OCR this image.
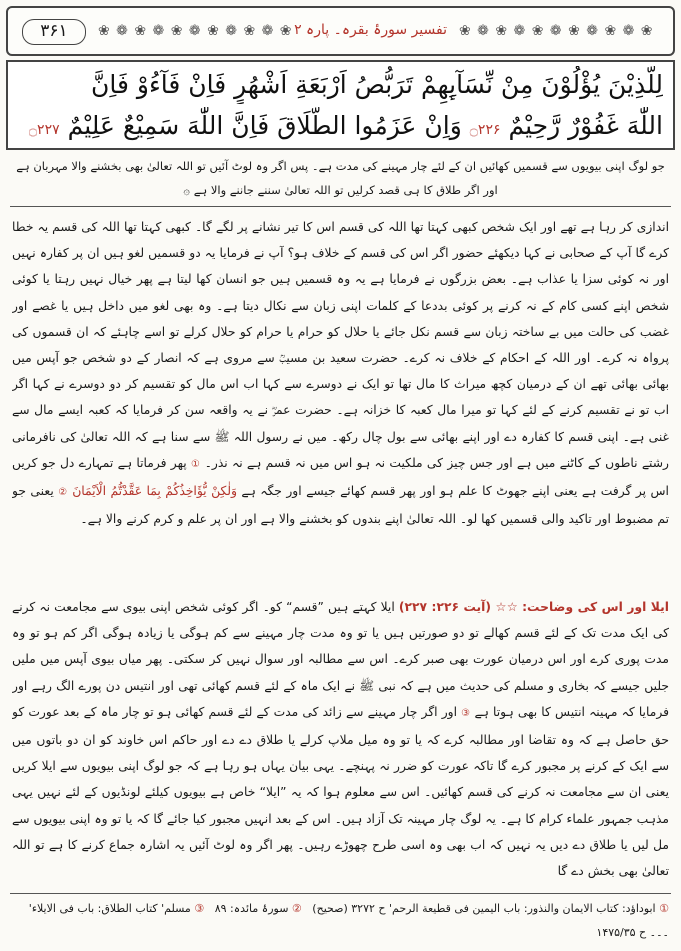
۳۶۱	❀ ❁ ❀ ❁ ❀ ❁ ❀ ❁ ❀ ❁ ❀ تفسیر سورۂ بقرہ۔ پارہ ۲ ❀ ❁ ❀ ❁ ❀ ❁ ❀ ❁ ❀ ❁ ❀
لِلَّذِيْنَ يُؤْلُوْنَ مِنْ نِّسَآىِٕهِمْ تَرَبُّصُ اَرْبَعَةِ اَشْهُرٍ فَاِنْ فَآءُوْ فَاِنَّ
اللّٰهَ غَفُوْرٌ رَّحِيْمٌ ۝۲۲۶ وَاِنْ عَزَمُوا الطَّلَاقَ فَاِنَّ اللّٰهَ سَمِيْعٌ عَلِيْمٌ ۝۲۲۷
جو لوگ اپنی بیویوں سے قسمیں کھائیں ان کے لئے چار مہینے کی مدت ہے۔ پس اگر وہ لوٹ آئیں تو اللہ تعالیٰ بھی بخشنے والا مہربان ہے اور اگر طلاق کا ہی قصد کرلیں تو اللہ تعالیٰ سننے جاننے والا ہے ۞
اندازی کر رہا ہے تھے اور ایک شخص کبھی کہتا تھا اللہ کی قسم اس کا تیر نشانے پر لگے گا۔ کبھی کہتا تھا اللہ کی قسم یہ خطا کرے گا آپ کے صحابی نے کہا دیکھئے حضور اگر اس کی قسم کے خلاف ہو؟ آپ نے فرمایا یہ دو قسمیں لغو ہیں ان پر کفارہ نہیں اور نہ کوئی سزا یا عذاب ہے۔ بعض بزرگوں نے فرمایا ہے یہ وہ قسمیں ہیں جو انسان کھا لیتا ہے پھر خیال نہیں رہتا یا کوئی شخص اپنے کسی کام کے نہ کرنے پر کوئی بددعا کے کلمات اپنی زبان سے نکال دیتا ہے۔ وہ بھی لغو میں داخل ہیں یا غصے اور غضب کی حالت میں بے ساختہ زبان سے قسم نکل جائے یا حلال کو حرام یا حرام کو حلال کرلے تو اسے چاہئے کہ ان قسموں کی پرواہ نہ کرے۔ اور اللہ کے احکام کے خلاف نہ کرے۔ حضرت سعید بن مسیبؒ سے مروی ہے کہ انصار کے دو شخص جو آپس میں بھائی بھائی تھے ان کے درمیان کچھ میراث کا مال تھا تو ایک نے دوسرے سے کہا اب اس مال کو تقسیم کر دو دوسرے نے کہا اگر اب تو نے تقسیم کرنے کے لئے کہا تو میرا مال کعبہ کا خزانہ ہے۔ حضرت عمرؓ نے یہ واقعہ سن کر فرمایا کہ کعبہ ایسے مال سے غنی ہے۔ اپنی قسم کا کفارہ دے اور اپنے بھائی سے بول چال رکھ۔ میں نے رسول اللہ ﷺ سے سنا ہے کہ اللہ تعالیٰ کی نافرمانی رشتے ناطوں کے کاٹنے میں ہے اور جس چیز کی ملکیت نہ ہو اس میں نہ قسم ہے نہ نذر۔ ① پھر فرماتا ہے تمہارے دل جو کریں اس پر گرفت ہے یعنی اپنے جھوٹ کا علم ہو اور پھر قسم کھائے جیسے اور جگہ ہے وَلٰكِنْ يُّؤَاخِذُكُمْ بِمَا عَقَّدْتُّمُ الْاَيْمَانَ ② یعنی جو تم مضبوط اور تاکید والی قسمیں کھا لو۔ اللہ تعالیٰ اپنے بندوں کو بخشنے والا ہے اور ان پر علم و کرم کرنے والا ہے۔
ایلا اور اس کی وضاحت: ☆☆ (آیت ۲۲۶: ۲۲۷) ایلا کہتے ہیں ”قسم“ کو۔ اگر کوئی شخص اپنی بیوی سے مجامعت نہ کرنے کی ایک مدت تک کے لئے قسم کھالے تو دو صورتیں ہیں یا تو وہ مدت چار مہینے سے کم ہوگی یا زیادہ ہوگی اگر کم ہو تو وہ مدت پوری کرے اور اس درمیان عورت بھی صبر کرے۔ اس سے مطالبہ اور سوال نہیں کر سکتی۔ پھر میاں بیوی آپس میں ملیں جلیں جیسے کہ بخاری و مسلم کی حدیث میں ہے کہ نبی ﷺ نے ایک ماہ کے لئے قسم کھائی تھی اور انتیس دن پورے الگ رہے اور فرمایا کہ مہینہ انتیس کا بھی ہوتا ہے ③ اور اگر چار مہینے سے زائد کی مدت کے لئے قسم کھائی ہو تو چار ماہ کے بعد عورت کو حق حاصل ہے کہ وہ تقاضا اور مطالبہ کرے کہ یا تو وہ میل ملاپ کرلے یا طلاق دے دے اور حاکم اس خاوند کو ان دو باتوں میں سے ایک کے کرنے پر مجبور کرے گا تاکہ عورت کو ضرر نہ پہنچے۔ یہی بیان یہاں ہو رہا ہے کہ جو لوگ اپنی بیویوں سے ایلا کریں یعنی ان سے مجامعت نہ کرنے کی قسم کھائیں۔ اس سے معلوم ہوا کہ یہ ”ایلا“ خاص ہے بیویوں کیلئے لونڈیوں کے لئے نہیں یہی مذہب جمہور علماء کرام کا ہے۔ یہ لوگ چار مہینہ تک آزاد ہیں۔ اس کے بعد انہیں مجبور کیا جائے گا کہ یا تو وہ اپنی بیویوں سے مل لیں یا طلاق دے دیں یہ نہیں کہ اب بھی وہ اسی طرح چھوڑے رہیں۔ پھر اگر وہ لوٹ آئیں یہ اشارہ جماع کرنے کا ہے تو اللہ تعالیٰ بھی بخش دے گا
① ابوداؤد: کتاب الایمان والنذور: باب الیمین فی قطیعة الرحم' ح ۳۲۷۲ (صحیح)   ② سورۂ مائدہ: ۸۹   ③ مسلم' کتاب الطلاق: باب فی الایلاء' ۔۔۔ ح ۱۴۷۵/۳۵
